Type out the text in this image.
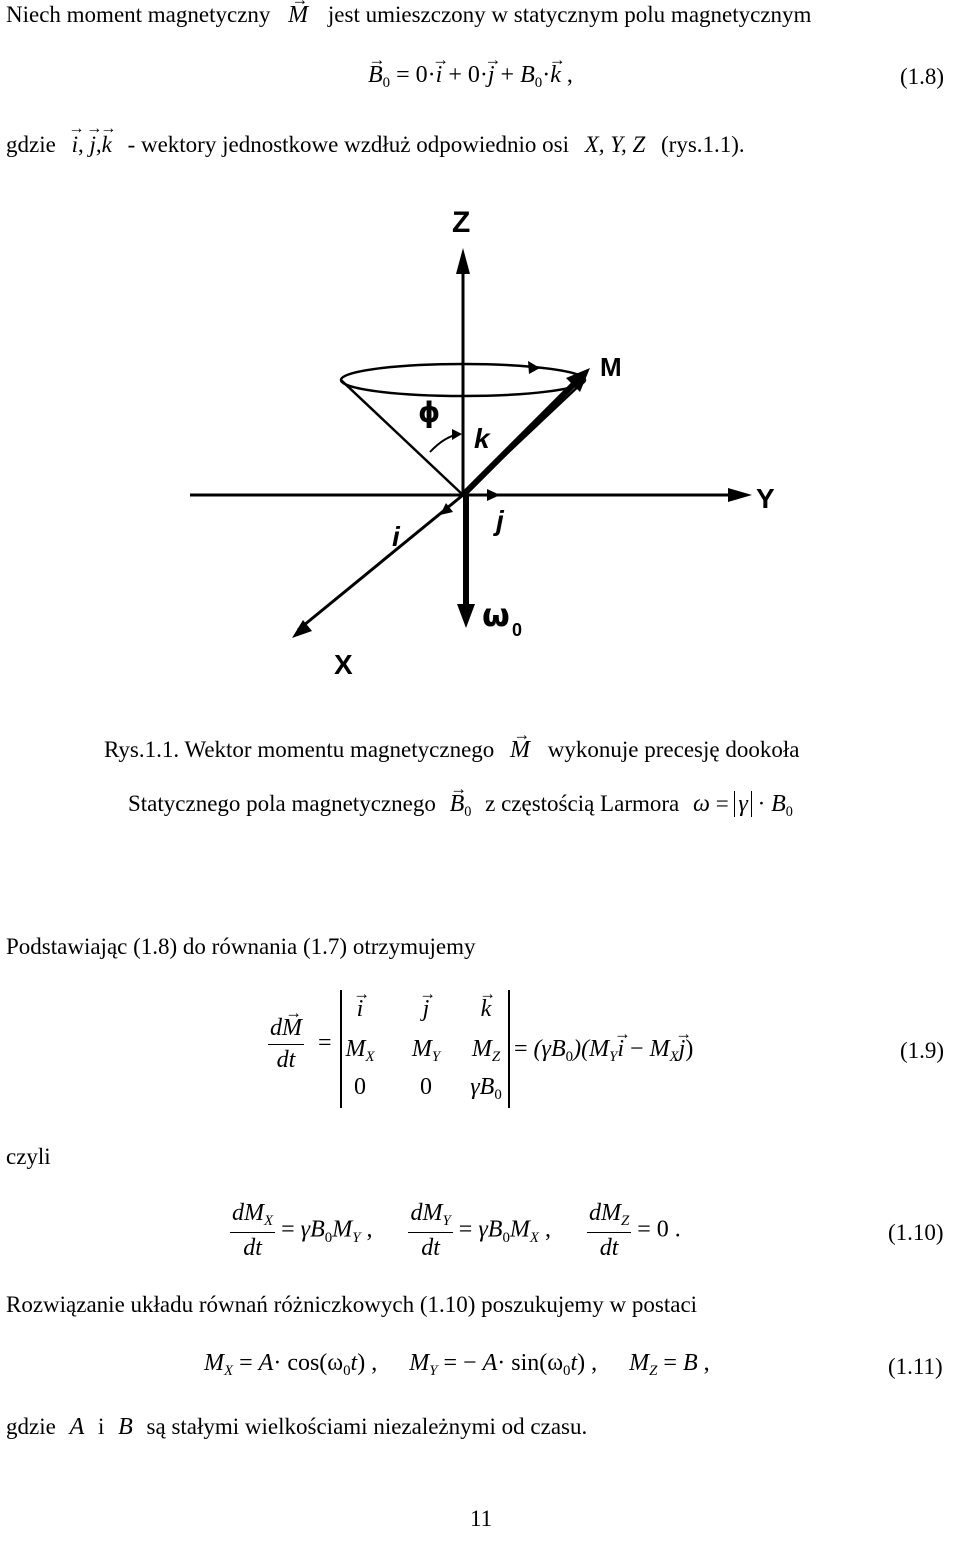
Niech moment magnetyczny → M jest umieszczony w statycznym polu magnetycznym
→ $B_0 = 0\cdot\to i + 0\cdot\to j + B_0\cdot\to k$ ,	(1.8)
gdzie → i, → j,→ k - wektory jednostkowe wzdłuż odpowiednio osi X, Y, Z (rys.1.1).
Z
Y
X
M
k
i
j
ϕ
ω 0
Rys.1.1. Wektor momentu magnetycznego → M wykonuje precesję dookoła
Statycznego pola magnetycznego → $B_0$ z częstością Larmora $\omega = \gamma \cdot B_0$
Podstawiając (1.8) do równania (1.7) otrzymujemy
$\frac{d\to M}{dt}$ =
→ i	→ j	→ k
$M_X$	$M_Y$	$M_Z$
0	0	$\gamma B_0$
= $(\gamma B_0)(M_Y\to i - M_X\to j)$	(1.9)
czyli
$\frac{dM_X}{dt} = \gamma B_0M_Y$ , $\frac{dM_Y}{dt} = \gamma B_0M_X$ , $\frac{dM_Z}{dt} = 0$ .	(1.10)
Rozwiązanie układu równań różniczkowych (1.10) poszukujemy w postaci
$M_X = A\cdot \cos(\omega_0t)$ ,  $M_Y$ = − $A\cdot \sin(\omega_0t)$ ,  $M_Z = B$ ,	(1.11)
gdzie A i B są stałymi wielkościami niezależnymi od czasu.
11
